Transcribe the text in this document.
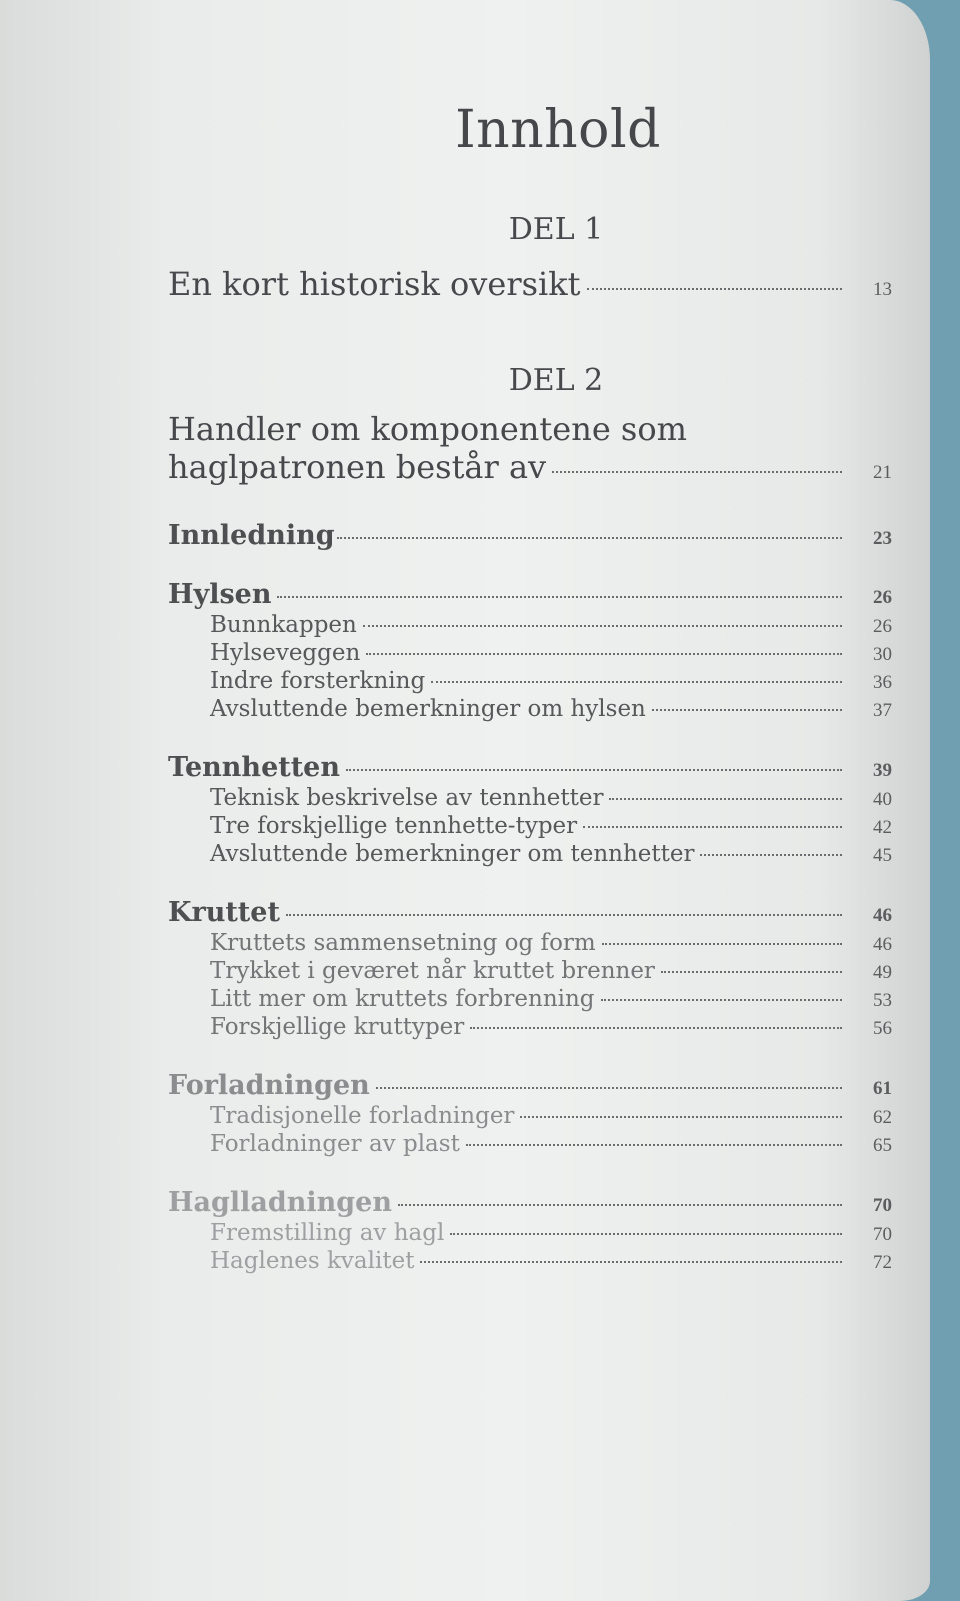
Innhold
DEL 1
En kort historisk oversikt	13
DEL 2
Handler om komponentene som
haglpatronen består av	21
Innledning	23
Hylsen	26
Bunnkappen	26
Hylseveggen	30
Indre forsterkning	36
Avsluttende bemerkninger om hylsen	37
Tennhetten	39
Teknisk beskrivelse av tennhetter	40
Tre forskjellige tennhette-typer	42
Avsluttende bemerkninger om tennhetter	45
Kruttet	46
Kruttets sammensetning og form	46
Trykket i geværet når kruttet brenner	49
Litt mer om kruttets forbrenning	53
Forskjellige kruttyper	56
Forladningen	61
Tradisjonelle forladninger	62
Forladninger av plast	65
Haglladningen	70
Fremstilling av hagl	70
Haglenes kvalitet	72
